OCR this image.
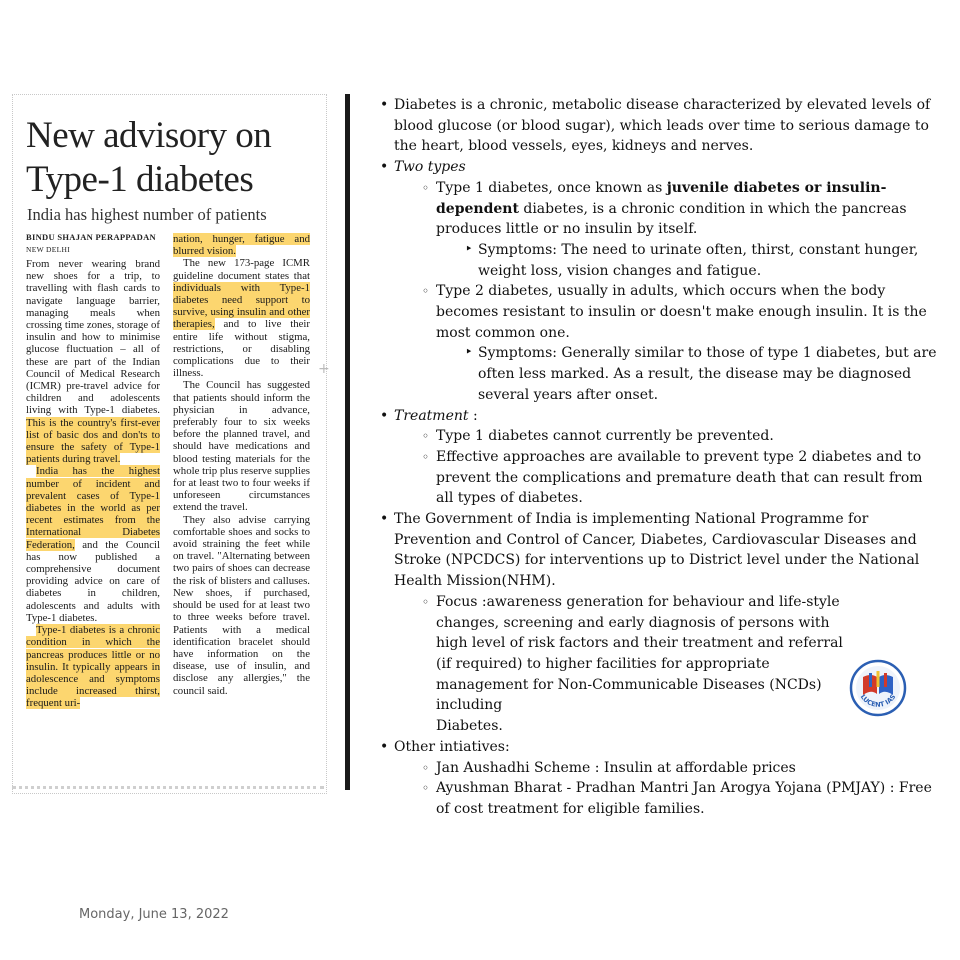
New advisory on
Type-1 diabetes
India has highest number of patients
BINDU SHAJAN PERAPPADAN
NEW DELHI

From never wearing brand new shoes for a trip, to travelling with flash cards to navigate language barrier, managing meals when crossing time zones, storage of insulin and how to minimise glucose fluctuation – all of these are part of the Indian Council of Medical Research (ICMR) pre-travel advice for children and adolescents living with Type-1 diabetes. This is the country's first-ever list of basic dos and don'ts to ensure the safety of Type-1 patients during travel.

India has the highest number of incident and prevalent cases of Type-1 diabetes in the world as per recent estimates from the International Diabetes Federation, and the Council has now published a comprehensive document providing advice on care of diabetes in children, adolescents and adults with Type-1 diabetes.

Type-1 diabetes is a chronic condition in which the pancreas produces little or no insulin. It typically appears in adolescence and symptoms include increased thirst, frequent uri-

nation, hunger, fatigue and blurred vision.

The new 173-page ICMR guideline document states that individuals with Type-1 diabetes need support to survive, using insulin and other therapies, and to live their entire life without stigma, restrictions, or disabling complications due to their illness.

The Council has suggested that patients should inform the physician in advance, preferably four to six weeks before the planned travel, and should have medications and blood testing materials for the whole trip plus reserve supplies for at least two to four weeks if unforeseen circumstances extend the travel.

They also advise carrying comfortable shoes and socks to avoid straining the feet while on travel. "Alternating between two pairs of shoes can decrease the risk of blisters and calluses. New shoes, if purchased, should be used for at least two to three weeks before travel. Patients with a medical identification bracelet should have information on the disease, use of insulin, and disclose any allergies," the council said.

+
• Diabetes is a chronic, metabolic disease characterized by elevated levels of blood glucose (or blood sugar), which leads over time to serious damage to the heart, blood vessels, eyes, kidneys and nerves.
• Two types
◦ Type 1 diabetes, once known as juvenile diabetes or insulin-dependent diabetes, is a chronic condition in which the pancreas produces little or no insulin by itself.
‣ Symptoms: The need to urinate often, thirst, constant hunger, weight loss, vision changes and fatigue.
◦ Type 2 diabetes, usually in adults, which occurs when the body becomes resistant to insulin or doesn't make enough insulin. It is the most common one.
‣ Symptoms: Generally similar to those of type 1 diabetes, but are often less marked. As a result, the disease may be diagnosed several years after onset.
• Treatment :
◦ Type 1 diabetes cannot currently be prevented.
◦ Effective approaches are available to prevent type 2 diabetes and to prevent the complications and premature death that can result from all types of diabetes.
• The Government of India is implementing National Programme for Prevention and Control of Cancer, Diabetes, Cardiovascular Diseases and Stroke (NPCDCS) for interventions up to District level under the National Health Mission(NHM).
◦ Focus :awareness generation for behaviour and life-style changes, screening and early diagnosis of persons with high level of risk factors and their treatment and referral (if required) to higher facilities for appropriate management for Non-Communicable Diseases (NCDs) including
Diabetes.
• Other intiatives:
◦ Jan Aushadhi Scheme : Insulin at affordable prices
◦ Ayushman Bharat - Pradhan Mantri Jan Arogya Yojana (PMJAY) : Free of cost treatment for eligible families.
LUCENT IAS
Monday, June 13, 2022
